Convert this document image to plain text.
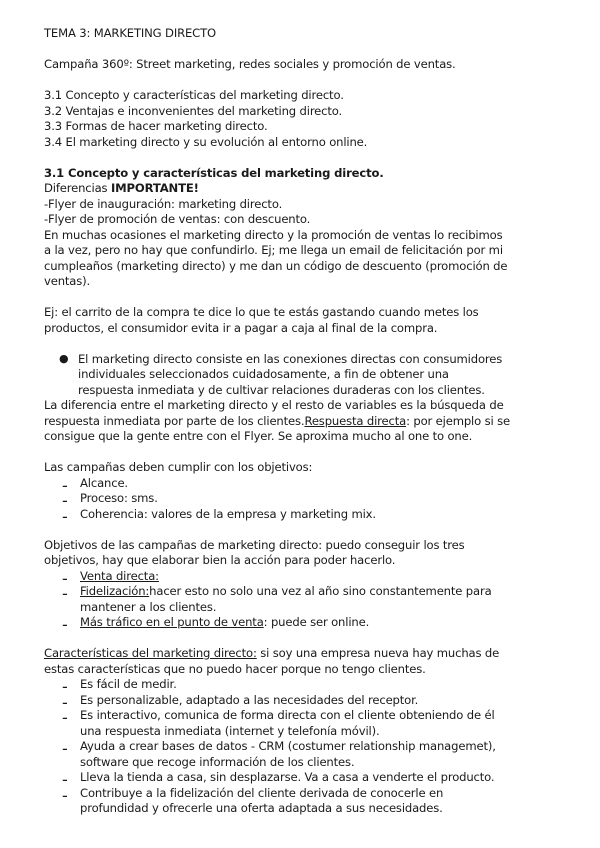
TEMA 3: MARKETING DIRECTO

Campaña 360º: Street marketing, redes sociales y promoción de ventas.

3.1 Concepto y características del marketing directo.

3.2 Ventajas e inconvenientes del marketing directo.

3.3 Formas de hacer marketing directo.

3.4 El marketing directo y su evolución al entorno online.

3.1 Concepto y características del marketing directo.

Diferencias IMPORTANTE!

-Flyer de inauguración: marketing directo.

-Flyer de promoción de ventas: con descuento.

En muchas ocasiones el marketing directo y la promoción de ventas lo recibimos

a la vez, pero no hay que confundirlo. Ej; me llega un email de felicitación por mi

cumpleaños (marketing directo) y me dan un código de descuento (promoción de

ventas).

Ej: el carrito de la compra te dice lo que te estás gastando cuando metes los

productos, el consumidor evita ir a pagar a caja al final de la compra.

● El marketing directo consiste en las conexiones directas con consumidores

individuales seleccionados cuidadosamente, a fin de obtener una

respuesta inmediata y de cultivar relaciones duraderas con los clientes.

La diferencia entre el marketing directo y el resto de variables es la búsqueda de

respuesta inmediata por parte de los clientes.Respuesta directa: por ejemplo si se

consigue que la gente entre con el Flyer. Se aproxima mucho al one to one.

Las campañas deben cumplir con los objetivos:

- Alcance.

- Proceso: sms.

- Coherencia: valores de la empresa y marketing mix.

Objetivos de las campañas de marketing directo: puedo conseguir los tres

objetivos, hay que elaborar bien la acción para poder hacerlo.

- Venta directa:

- Fidelización:hacer esto no solo una vez al año sino constantemente para

mantener a los clientes.

- Más tráfico en el punto de venta: puede ser online.

Características del marketing directo: si soy una empresa nueva hay muchas de

estas características que no puedo hacer porque no tengo clientes.

- Es fácil de medir.

- Es personalizable, adaptado a las necesidades del receptor.

- Es interactivo, comunica de forma directa con el cliente obteniendo de él

una respuesta inmediata (internet y telefonía móvil).

- Ayuda a crear bases de datos - CRM (costumer relationship managemet),

software que recoge información de los clientes.

- Lleva la tienda a casa, sin desplazarse. Va a casa a venderte el producto.

- Contribuye a la fidelización del cliente derivada de conocerle en

profundidad y ofrecerle una oferta adaptada a sus necesidades.
